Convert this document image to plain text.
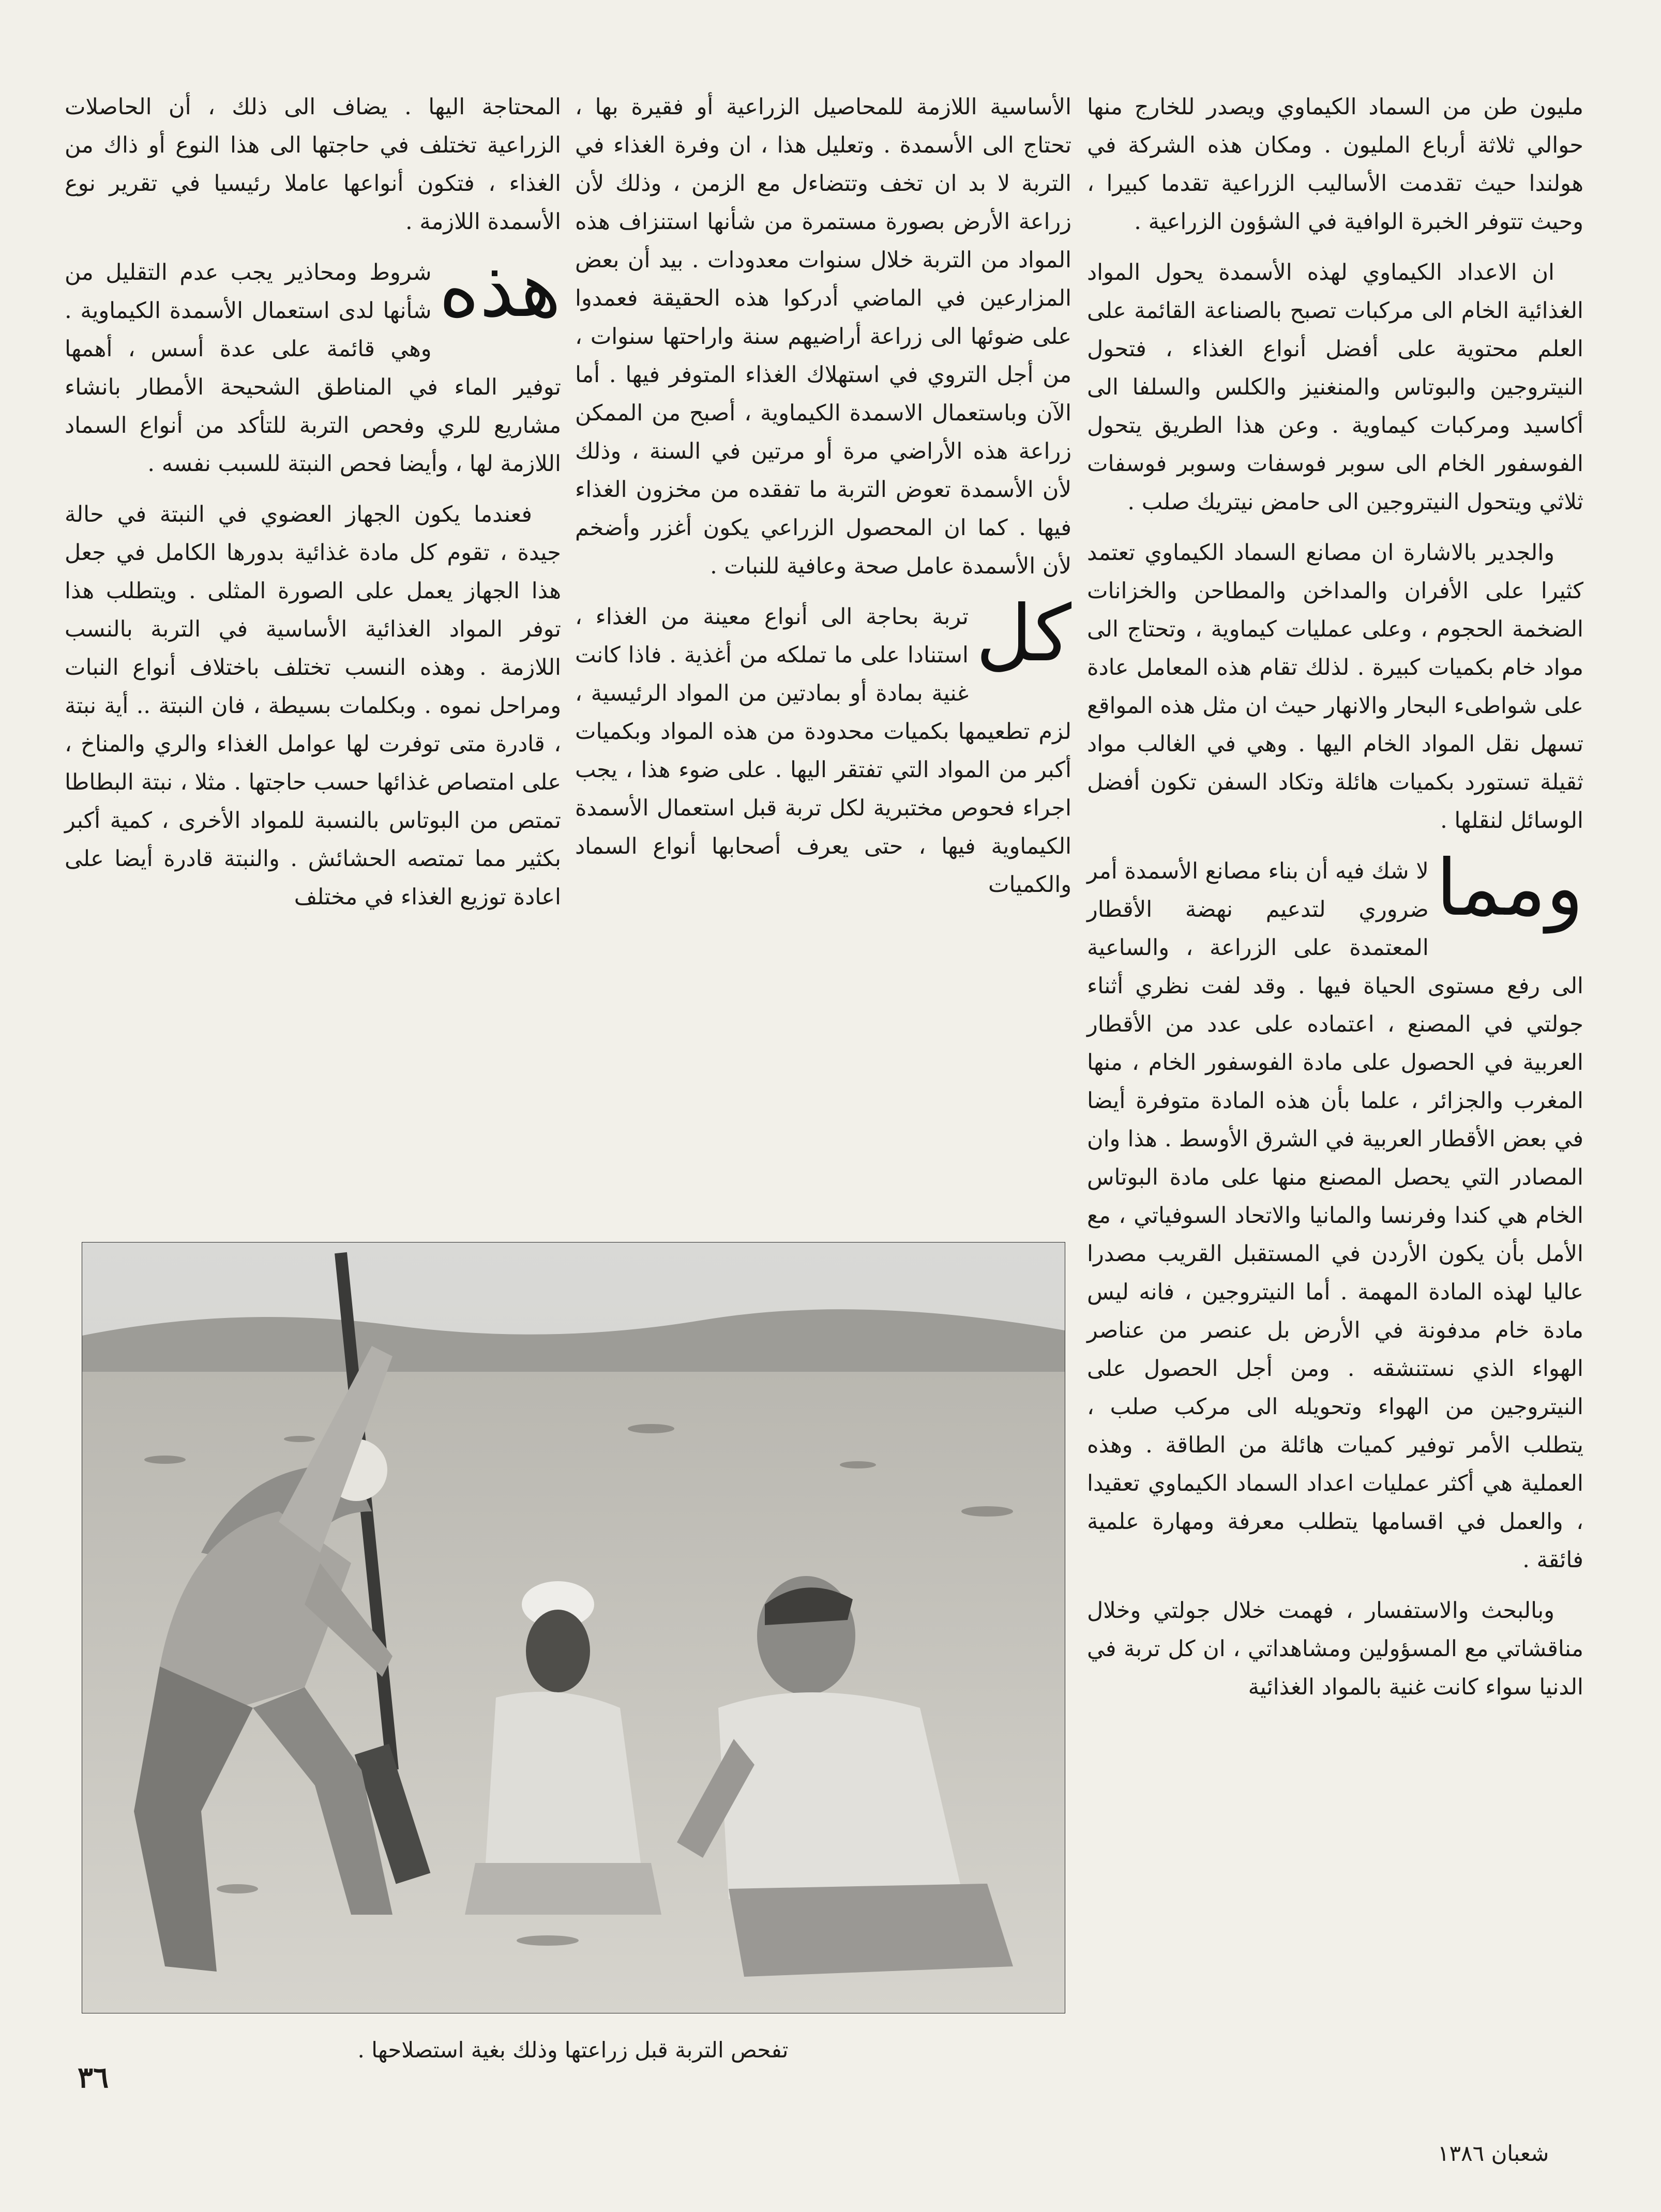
مليون طن من السماد الكيماوي ويصدر للخارج منها حوالي ثلاثة أرباع المليون . ومكان هذه الشركة في هولندا حيث تقدمت الأساليب الزراعية تقدما كبيرا ، وحيث تتوفر الخبرة الوافية في الشؤون الزراعية .

ان الاعداد الكيماوي لهذه الأسمدة يحول المواد الغذائية الخام الى مركبات تصبح بالصناعة القائمة على العلم محتوية على أفضل أنواع الغذاء ، فتحول النيتروجين والبوتاس والمنغنيز والكلس والسلفا الى أكاسيد ومركبات كيماوية . وعن هذا الطريق يتحول الفوسفور الخام الى سوبر فوسفات وسوبر فوسفات ثلاثي ويتحول النيتروجين الى حامض نيتريك صلب .

والجدير بالاشارة ان مصانع السماد الكيماوي تعتمد كثيرا على الأفران والمداخن والمطاحن والخزانات الضخمة الحجوم ، وعلى عمليات كيماوية ، وتحتاج الى مواد خام بكميات كبيرة . لذلك تقام هذه المعامل عادة على شواطىء البحار والانهار حيث ان مثل هذه المواقع تسهل نقل المواد الخام اليها . وهي في الغالب مواد ثقيلة تستورد بكميات هائلة وتكاد السفن تكون أفضل الوسائل لنقلها .

ومما
لا شك فيه أن بناء مصانع الأسمدة أمر ضروري لتدعيم نهضة الأقطار المعتمدة على الزراعة ، والساعية الى رفع مستوى الحياة فيها . وقد لفت نظري أثناء جولتي في المصنع ، اعتماده على عدد من الأقطار العربية في الحصول على مادة الفوسفور الخام ، منها المغرب والجزائر ، علما بأن هذه المادة متوفرة أيضا في بعض الأقطار العربية في الشرق الأوسط . هذا وان المصادر التي يحصل المصنع منها على مادة البوتاس الخام هي كندا وفرنسا والمانيا والاتحاد السوفياتي ، مع الأمل بأن يكون الأردن في المستقبل القريب مصدرا عاليا لهذه المادة المهمة . أما النيتروجين ، فانه ليس مادة خام مدفونة في الأرض بل عنصر من عناصر الهواء الذي نستنشقه . ومن أجل الحصول على النيتروجين من الهواء وتحويله الى مركب صلب ، يتطلب الأمر توفير كميات هائلة من الطاقة . وهذه العملية هي أكثر عمليات اعداد السماد الكيماوي تعقيدا ، والعمل في اقسامها يتطلب معرفة ومهارة علمية فائقة .

وبالبحث والاستفسار ، فهمت خلال جولتي وخلال مناقشاتي مع المسؤولين ومشاهداتي ، ان كل تربة في الدنيا سواء كانت غنية بالمواد الغذائية

الأساسية اللازمة للمحاصيل الزراعية أو فقيرة بها ، تحتاج الى الأسمدة . وتعليل هذا ، ان وفرة الغذاء في التربة لا بد ان تخف وتتضاءل مع الزمن ، وذلك لأن زراعة الأرض بصورة مستمرة من شأنها استنزاف هذه المواد من التربة خلال سنوات معدودات . بيد أن بعض المزارعين في الماضي أدركوا هذه الحقيقة فعمدوا على ضوئها الى زراعة أراضيهم سنة واراحتها سنوات ، من أجل التروي في استهلاك الغذاء المتوفر فيها . أما الآن وباستعمال الاسمدة الكيماوية ، أصبح من الممكن زراعة هذه الأراضي مرة أو مرتين في السنة ، وذلك لأن الأسمدة تعوض التربة ما تفقده من مخزون الغذاء فيها . كما ان المحصول الزراعي يكون أغزر وأضخم لأن الأسمدة عامل صحة وعافية للنبات .

كل
تربة بحاجة الى أنواع معينة من الغذاء ، استنادا على ما تملكه من أغذية . فاذا كانت غنية بمادة أو بمادتين من المواد الرئيسية ، لزم تطعيمها بكميات محدودة من هذه المواد وبكميات أكبر من المواد التي تفتقر اليها . على ضوء هذا ، يجب اجراء فحوص مختبرية لكل تربة قبل استعمال الأسمدة الكيماوية فيها ، حتى يعرف أصحابها أنواع السماد والكميات

المحتاجة اليها . يضاف الى ذلك ، أن الحاصلات الزراعية تختلف في حاجتها الى هذا النوع أو ذاك من الغذاء ، فتكون أنواعها عاملا رئيسيا في تقرير نوع الأسمدة اللازمة .

هذه
شروط ومحاذير يجب عدم التقليل من شأنها لدى استعمال الأسمدة الكيماوية . وهي قائمة على عدة أسس ، أهمها توفير الماء في المناطق الشحيحة الأمطار بانشاء مشاريع للري وفحص التربة للتأكد من أنواع السماد اللازمة لها ، وأيضا فحص النبتة للسبب نفسه .

فعندما يكون الجهاز العضوي في النبتة في حالة جيدة ، تقوم كل مادة غذائية بدورها الكامل في جعل هذا الجهاز يعمل على الصورة المثلى . ويتطلب هذا توفر المواد الغذائية الأساسية في التربة بالنسب اللازمة . وهذه النسب تختلف باختلاف أنواع النبات ومراحل نموه . وبكلمات بسيطة ، فان النبتة .. أية نبتة ، قادرة متى توفرت لها عوامل الغذاء والري والمناخ ، على امتصاص غذائها حسب حاجتها . مثلا ، نبتة البطاطا تمتص من البوتاس بالنسبة للمواد الأخرى ، كمية أكبر بكثير مما تمتصه الحشائش . والنبتة قادرة أيضا على اعادة توزيع الغذاء في مختلف

تفحص التربة قبل زراعتها وذلك بغية استصلاحها .
٣٦
شعبان ١٣٨٦
